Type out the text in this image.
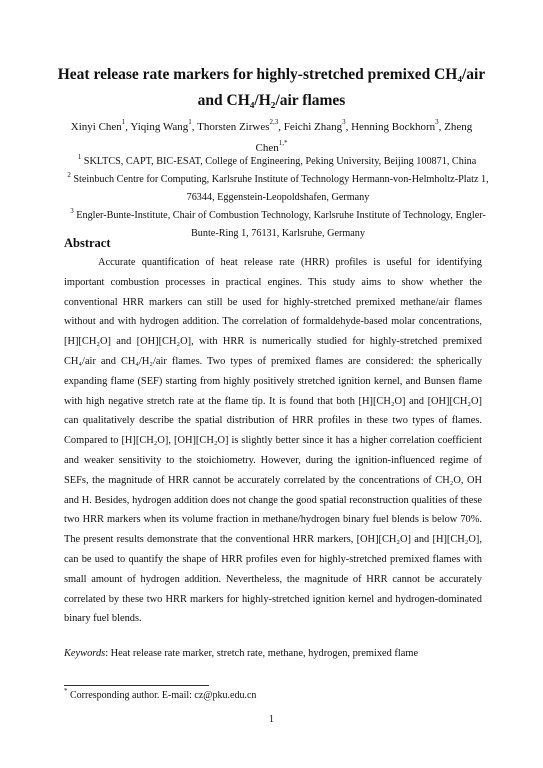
Heat release rate markers for highly-stretched premixed CH₄/air
and CH₄/H₂/air flames
Xinyi Chen$^1$, Yiqing Wang$^1$, Thorsten Zirwes$^{2,3}$, Feichi Zhang$^3$, Henning Bockhorn$^3$, Zheng Chen$^{1,*}$
$^1$ SKLTCS, CAPT, BIC-ESAT, College of Engineering, Peking University, Beijing 100871, China
$^2$ Steinbuch Centre for Computing, Karlsruhe Institute of Technology Hermann-von-Helmholtz-Platz 1, 76344, Eggenstein-Leopoldshafen, Germany
$^3$ Engler-Bunte-Institute, Chair of Combustion Technology, Karlsruhe Institute of Technology, Engler-Bunte-Ring 1, 76131, Karlsruhe, Germany
Abstract

Accurate quantification of heat release rate (HRR) profiles is useful for identifying important combustion processes in practical engines. This study aims to show whether the conventional HRR markers can still be used for highly-stretched premixed methane/air flames without and with hydrogen addition. The correlation of formaldehyde-based molar concentrations, [H][CH₂O] and [OH][CH₂O], with HRR is numerically studied for highly-stretched premixed CH₄/air and CH₄/H₂/air flames. Two types of premixed flames are considered: the spherically expanding flame (SEF) starting from highly positively stretched ignition kernel, and Bunsen flame with high negative stretch rate at the flame tip. It is found that both [H][CH₂O] and [OH][CH₂O] can qualitatively describe the spatial distribution of HRR profiles in these two types of flames. Compared to [H][CH₂O], [OH][CH₂O] is slightly better since it has a higher correlation coefficient and weaker sensitivity to the stoichiometry. However, during the ignition-influenced regime of SEFs, the magnitude of HRR cannot be accurately correlated by the concentrations of CH₂O, OH and H. Besides, hydrogen addition does not change the good spatial reconstruction qualities of these two HRR markers when its volume fraction in methane/hydrogen binary fuel blends is below 70%. The present results demonstrate that the conventional HRR markers, [OH][CH₂O] and [H][CH₂O], can be used to quantify the shape of HRR profiles even for highly-stretched premixed flames with small amount of hydrogen addition. Nevertheless, the magnitude of HRR cannot be accurately correlated by these two HRR markers for highly-stretched ignition kernel and hydrogen-dominated binary fuel blends.

Keywords: Heat release rate marker, stretch rate, methane, hydrogen, premixed flame
* Corresponding author. E-mail: cz@pku.edu.cn
1
